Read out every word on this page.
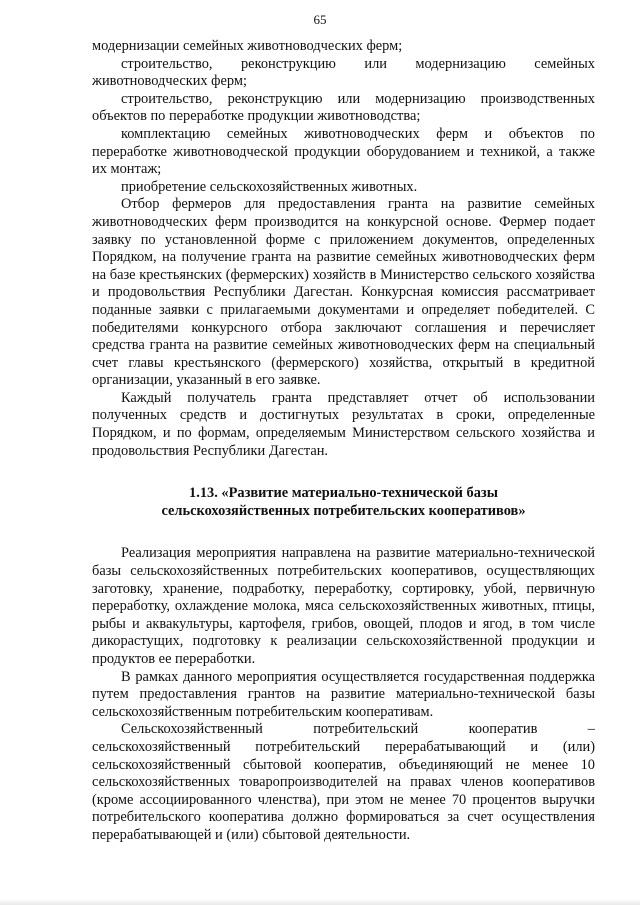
65

модернизации семейных животноводческих ферм;

строительство, реконструкцию или модернизацию семейных животноводческих ферм;

строительство, реконструкцию или модернизацию производственных объектов по переработке продукции животноводства;

комплектацию семейных животноводческих ферм и объектов по переработке животноводческой продукции оборудованием и техникой, а также их монтаж;

приобретение сельскохозяйственных животных.

Отбор фермеров для предоставления гранта на развитие семейных животноводческих ферм производится на конкурсной основе. Фермер подает заявку по установленной форме с приложением документов, определенных Порядком, на получение гранта на развитие семейных животноводческих ферм на базе крестьянских (фермерских) хозяйств в Министерство сельского хозяйства и продовольствия Республики Дагестан. Конкурсная комиссия рассматривает поданные заявки с прилагаемыми документами и определяет победителей. С победителями конкурсного отбора заключают соглашения и перечисляет средства гранта на развитие семейных животноводческих ферм на специальный счет главы крестьянского (фермерского) хозяйства, открытый в кредитной организации, указанный в его заявке.

Каждый получатель гранта представляет отчет об использовании полученных средств и достигнутых результатах в сроки, определенные Порядком, и по формам, определяемым Министерством сельского хозяйства и продовольствия Республики Дагестан.

1.13. «Развитие материально-технической базы
сельскохозяйственных потребительских кооперативов»

Реализация мероприятия направлена на развитие материально-технической базы сельскохозяйственных потребительских кооперативов, осуществляющих заготовку, хранение, подработку, переработку, сортировку, убой, первичную переработку, охлаждение молока, мяса сельскохозяйственных животных, птицы, рыбы и аквакультуры, картофеля, грибов, овощей, плодов и ягод, в том числе дикорастущих, подготовку к реализации сельскохозяйственной продукции и продуктов ее переработки.

В рамках данного мероприятия осуществляется государственная поддержка путем предоставления грантов на развитие материально-технической базы сельскохозяйственным потребительским кооперативам.

Сельскохозяйственный потребительский кооператив – сельскохозяйственный потребительский перерабатывающий и (или) сельскохозяйственный сбытовой кооператив, объединяющий не менее 10 сельскохозяйственных товаропроизводителей на правах членов кооперативов (кроме ассоциированного членства), при этом не менее 70 процентов выручки потребительского кооператива должно формироваться за счет осуществления перерабатывающей и (или) сбытовой деятельности.
